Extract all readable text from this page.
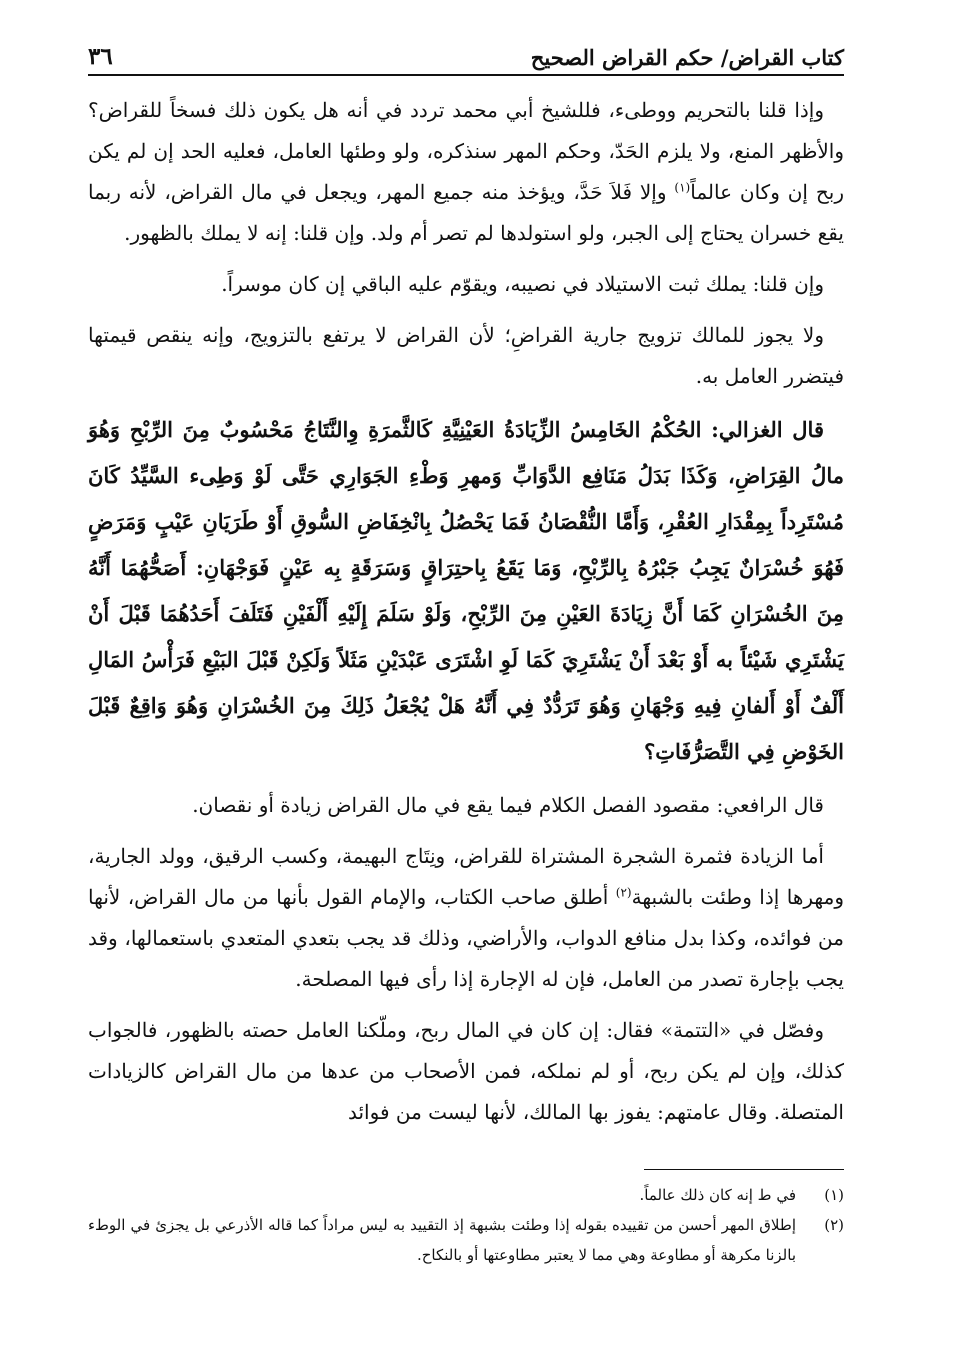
كتاب القراض/ حكم القراض الصحيح
٣٦

وإذا قلنا بالتحريم ووطىء، فللشيخ أبي محمد تردد في أنه هل يكون ذلك فسخاً للقراض؟ والأظهر المنع، ولا يلزم الحَدّ، وحكم المهر سنذكره، ولو وطئها العامل، فعليه الحد إن لم يكن ربح إن وكان عالماً$^{(١)}$ وإلا فَلاَ حَدَّ، ويؤخذ منه جميع المهر، ويجعل في مال القراض، لأنه ربما يقع خسران يحتاج إلى الجبر، ولو استولدها لم تصر أم ولد. وإن قلنا: إنه لا يملك بالظهور.

وإن قلنا: يملك ثبت الاستيلاد في نصيبه، ويقوّم عليه الباقي إن كان موسراً.

ولا يجوز للمالك تزويج جارية القراضِ؛ لأن القراض لا يرتفع بالتزويج، وإنه ينقص قيمتها فيتضرر العامل به.

قال الغزالي: الحُكْمُ الخَامِسُ الزِّيَادَةُ العَيْنِيَّةِ كَالثَّمرَةِ وِالنَّتَاجُ مَحْسُوبٌ مِنَ الرِّبْحِ وَهُوَ مالُ القِرَاضِ، وَكَذَا بَدَلُ مَنَافِع الدَّوَابِّ وَمهرِ وَطْءِ الجَوَارِي حَتَّى لَوْ وَطِىء السَّيِّدُ كَانَ مُسْتَرِداً بِمِقْدَارِ العُقْرِ، وَأَمَّا النُّقْصَانُ فَمَا يَحْصُلُ بِانْخِفَاضِ السُّوقِ أَوْ طَرَيَانِ عَيْبٍ وَمَرَضٍ فَهُوَ خُسْرَانٌ يَجِبُ جَبْرُهُ بِالرِّبْحِ، وَمَا يَقَعُ بِاحتِرَاقٍ وَسَرَقَةٍ بِه عَيْنٍ فَوَجْهَانِ: أَصَحُّهُمَا أَنَّهُ مِنَ الخُسْرَانِ كَمَا أَنَّ زِيَادَةَ العَيْنِ مِنَ الرِّبْحِ، وَلَوْ سَلَمَ إِلَيْهِ أَلْفَيْنِ فَتَلَفَ أَحَدُهُمَا قَبْلَ أَنْ يَشْتَرِي شَيْئاً به أَوْ بَعْدَ أَنْ يَشْتَرِيَ كَمَا لَوِ اشْتَرَى عَبْدَيْنِ مَثَلاً وَلَكِنْ قَبْلَ البَيْعِ فَرَأْسُ المَالِ أَلْفٌ أَوْ أَلفانِ فِيهِ وَجْهَانِ وَهُوَ تَرَدُّدٌ فِي أَنَّهُ هَلْ يُجْعَلُ ذَلِكَ مِنَ الخُسْرَانِ وَهُوَ وَاقِعٌ قَبْلَ الخَوْضِ فِي التَّصَرُّفَاتِ؟

قال الرافعي: مقصود الفصل الكلام فيما يقع في مال القراض زيادة أو نقصان.

أما الزيادة فثمرة الشجرة المشتراة للقراض، ونِتَاج البهيمة، وكسب الرقيق، وولد الجارية، ومهرها إذا وطئت بالشبهة$^{(٢)}$ أطلق صاحب الكتاب، والإمام القول بأنها من مال القراض، لأنها من فوائده، وكذا بدل منافع الدواب، والأراضي، وذلك قد يجب بتعدي المتعدي باستعمالها، وقد يجب بإجارة تصدر من العامل، فإن له الإجارة إذا رأى فيها المصلحة.

وفصّل في «التتمة» فقال: إن كان في المال ربح، وملّكنا العامل حصته بالظهور، فالجواب كذلك، وإن لم يكن ربح، أو لم نملكه، فمن الأصحاب من عدها من مال القراض كالزيادات المتصلة. وقال عامتهم: يفوز بها المالك، لأنها ليست من فوائد

(١)
في ط إنه كان ذلك عالماً.
(٢)
إطلاق المهر أحسن من تقييده بقوله إذا وطئت بشبهة إذ التقييد به ليس مراداً كما قاله الأذرعي بل يجزئ في الوطء بالزنا مكرهة أو مطاوعة وهي مما لا يعتبر مطاوعتها أو بالنكاح.
